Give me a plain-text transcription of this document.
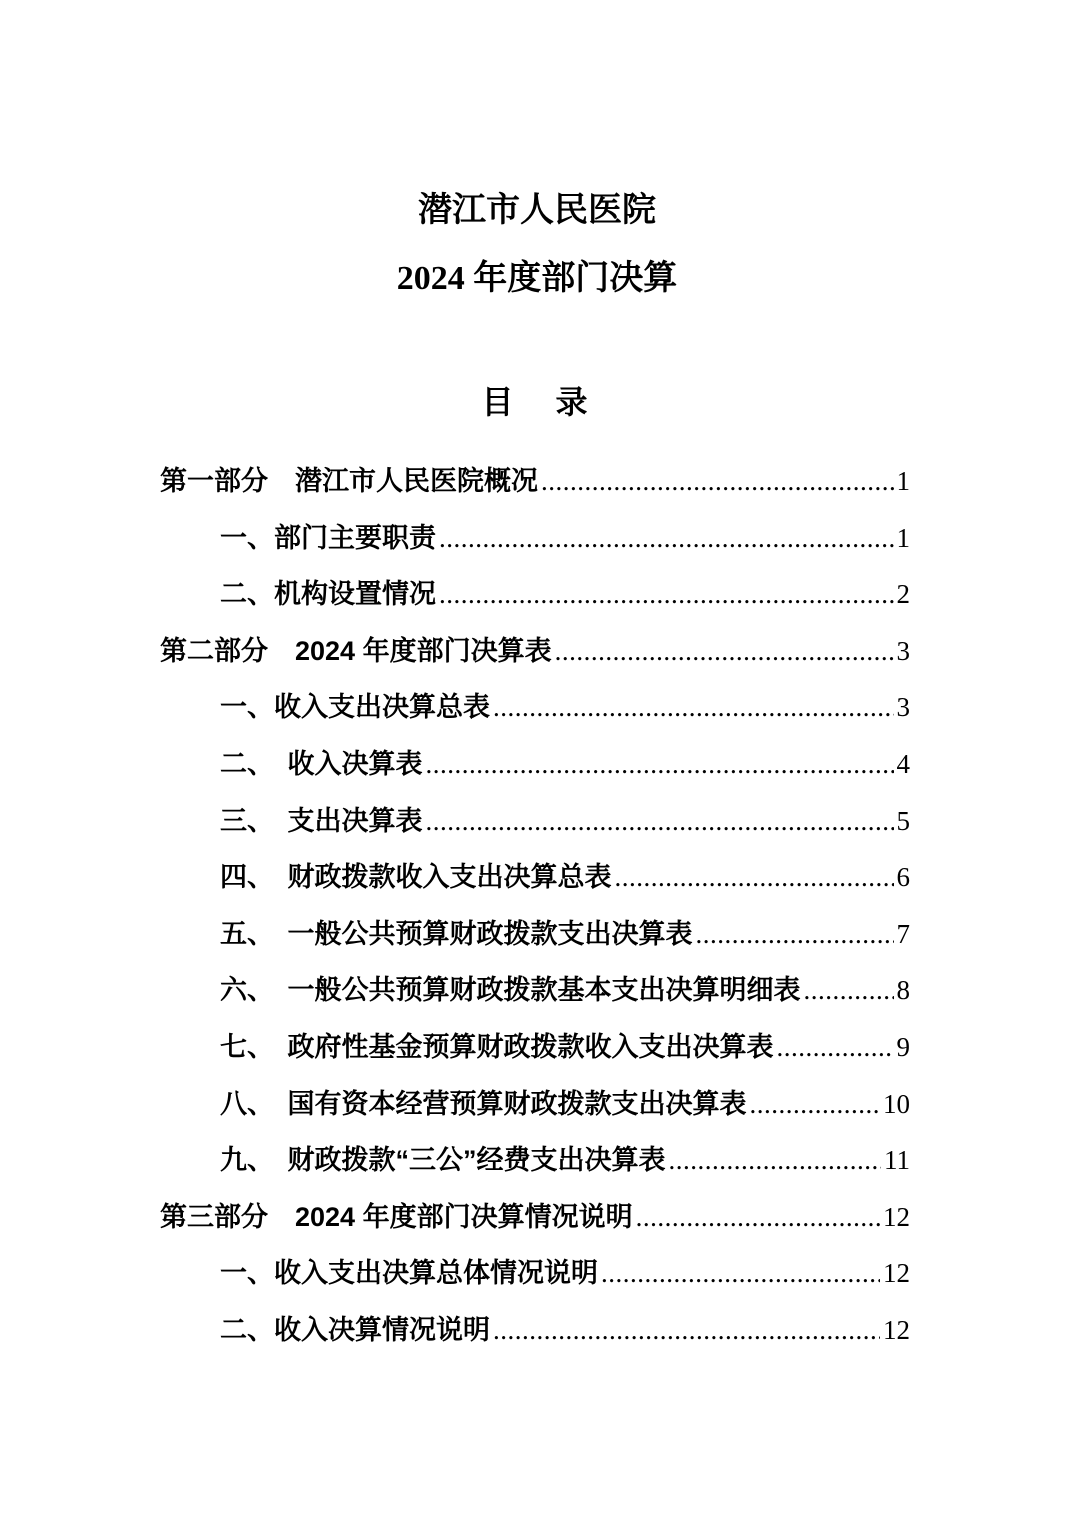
潜江市人民医院
2024 年度部门决算
目　录
第一部分　潜江市人民医院概况 .....	1
一、部门主要职责 .....	1
二、机构设置情况 .....	2
第二部分　2024 年度部门决算表 .....	3
一、收入支出决算总表 .....	3
二、　收入决算表 .....	4
三、　支出决算表 .....	5
四、　财政拨款收入支出决算总表 .....	6
五、　一般公共预算财政拨款支出决算表 .....	7
六、　一般公共预算财政拨款基本支出决算明细表 .....	8
七、　政府性基金预算财政拨款收入支出决算表 .....	9
八、　国有资本经营预算财政拨款支出决算表 .....	10
九、　财政拨款“三公”经费支出决算表 .....	11
第三部分　2024 年度部门决算情况说明 .....	12
一、收入支出决算总体情况说明 .....	12
二、收入决算情况说明 .....	12
